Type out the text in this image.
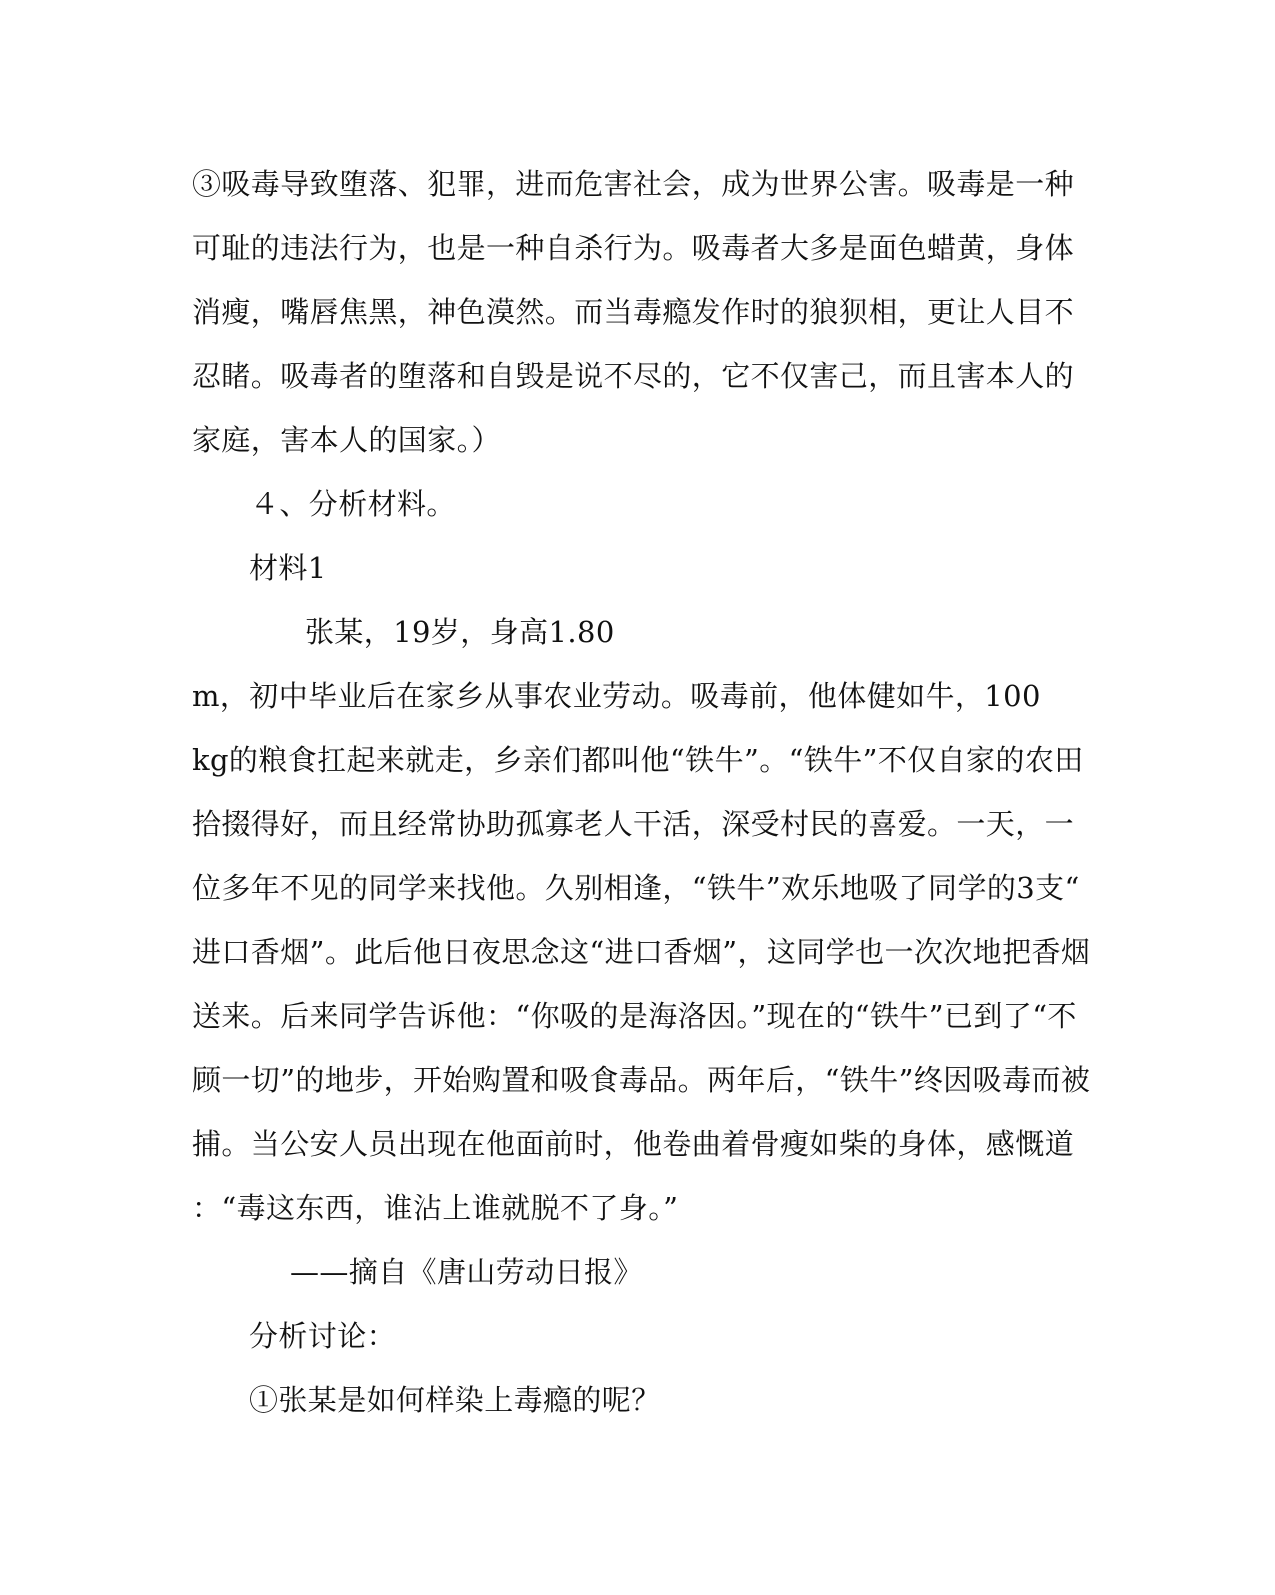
③吸毒导致堕落、犯罪，进而危害社会，成为世界公害。吸毒是一种
可耻的违法行为，也是一种自杀行为。吸毒者大多是面色蜡黄，身体
消瘦，嘴唇焦黑，神色漠然。而当毒瘾发作时的狼狈相，更让人目不
忍睹。吸毒者的堕落和自毁是说不尽的，它不仅害己，而且害本人的
家庭，害本人的国家。）
４、分析材料。
材料1
张某，19岁，身高1.80
m，初中毕业后在家乡从事农业劳动。吸毒前，他体健如牛，100
kg的粮食扛起来就走，乡亲们都叫他“铁牛”。“铁牛”不仅自家的农田
拾掇得好，而且经常协助孤寡老人干活，深受村民的喜爱。一天，一
位多年不见的同学来找他。久别相逢，“铁牛”欢乐地吸了同学的3支“
进口香烟”。此后他日夜思念这“进口香烟”，这同学也一次次地把香烟
送来。后来同学告诉他：“你吸的是海洛因。”现在的“铁牛”已到了“不
顾一切”的地步，开始购置和吸食毒品。两年后，“铁牛”终因吸毒而被
捕。当公安人员出现在他面前时，他卷曲着骨瘦如柴的身体，感慨道
：“毒这东西，谁沾上谁就脱不了身。”
——摘自《唐山劳动日报》
分析讨论：
①张某是如何样染上毒瘾的呢？
